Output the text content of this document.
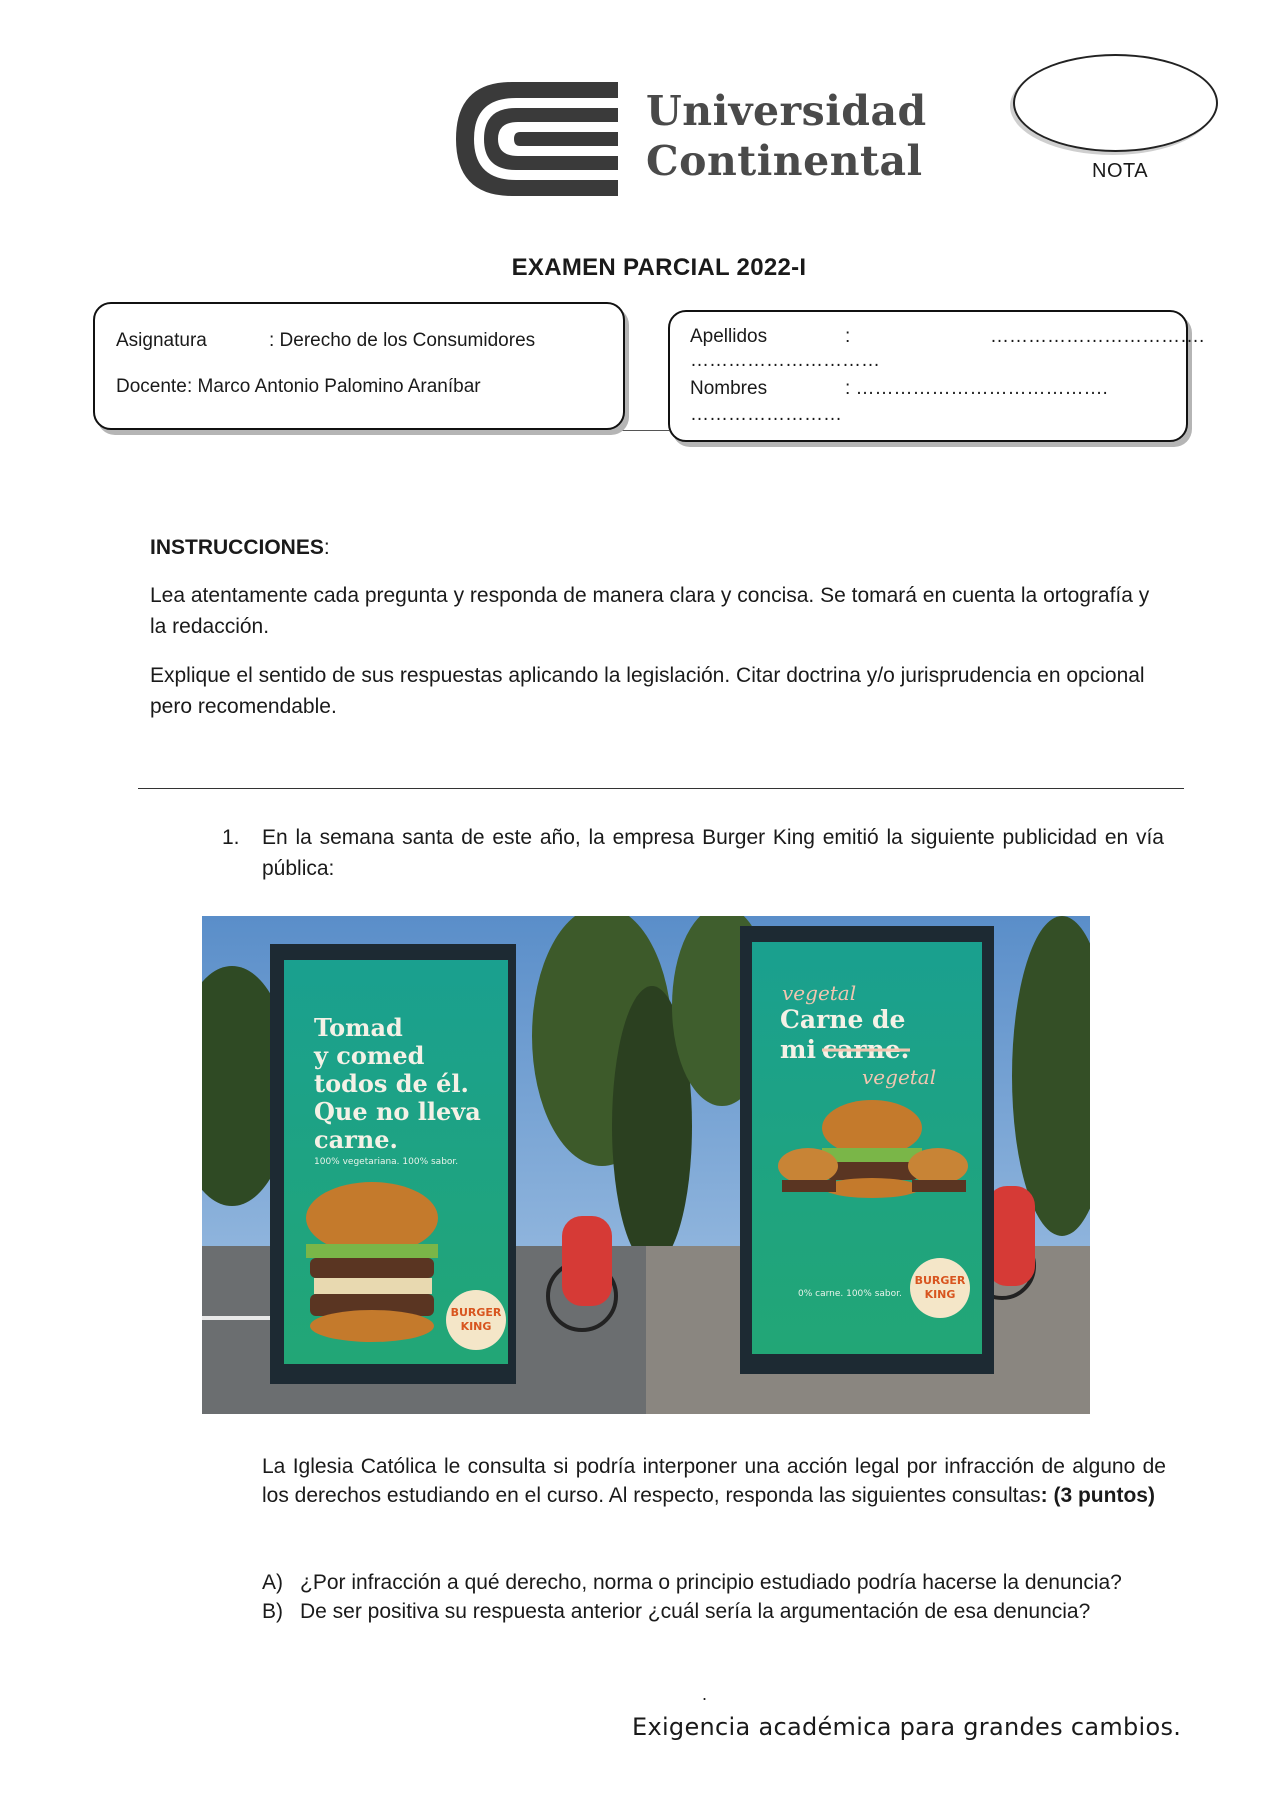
Universidad
Continental	NOTA
EXAMEN PARCIAL 2022-I
Asignatura	: Derecho de los Consumidores
Docente : Marco Antonio Palomino Araníbar
Apellidos	:	…………………………….
…………………………
Nombres	: ………………………………….
……………………
INSTRUCCIONES:
Lea atentamente cada pregunta y responda de manera clara y concisa. Se tomará en cuenta la ortografía y la redacción.
Explique el sentido de sus respuestas aplicando la legislación. Citar doctrina y/o jurisprudencia en opcional pero recomendable.
1. En la semana santa de este año, la empresa Burger King emitió la siguiente publicidad en vía pública:
Tomad
y comed
todos de él.
Que no lleva
carne.
100% vegetariana. 100% sabor.
BURGER
KING
vegetal
Carne de
mi carne.
vegetal
0% carne. 100% sabor.
BURGER
KING
La Iglesia Católica le consulta si podría interponer una acción legal por infracción de alguno de los derechos estudiando en el curso. Al respecto, responda las siguientes consultas: (3 puntos)
A) ¿Por infracción a qué derecho, norma o principio estudiado podría hacerse la denuncia?
B) De ser positiva su respuesta anterior ¿cuál sería la argumentación de esa denuncia?
.
Exigencia académica para grandes cambios.
